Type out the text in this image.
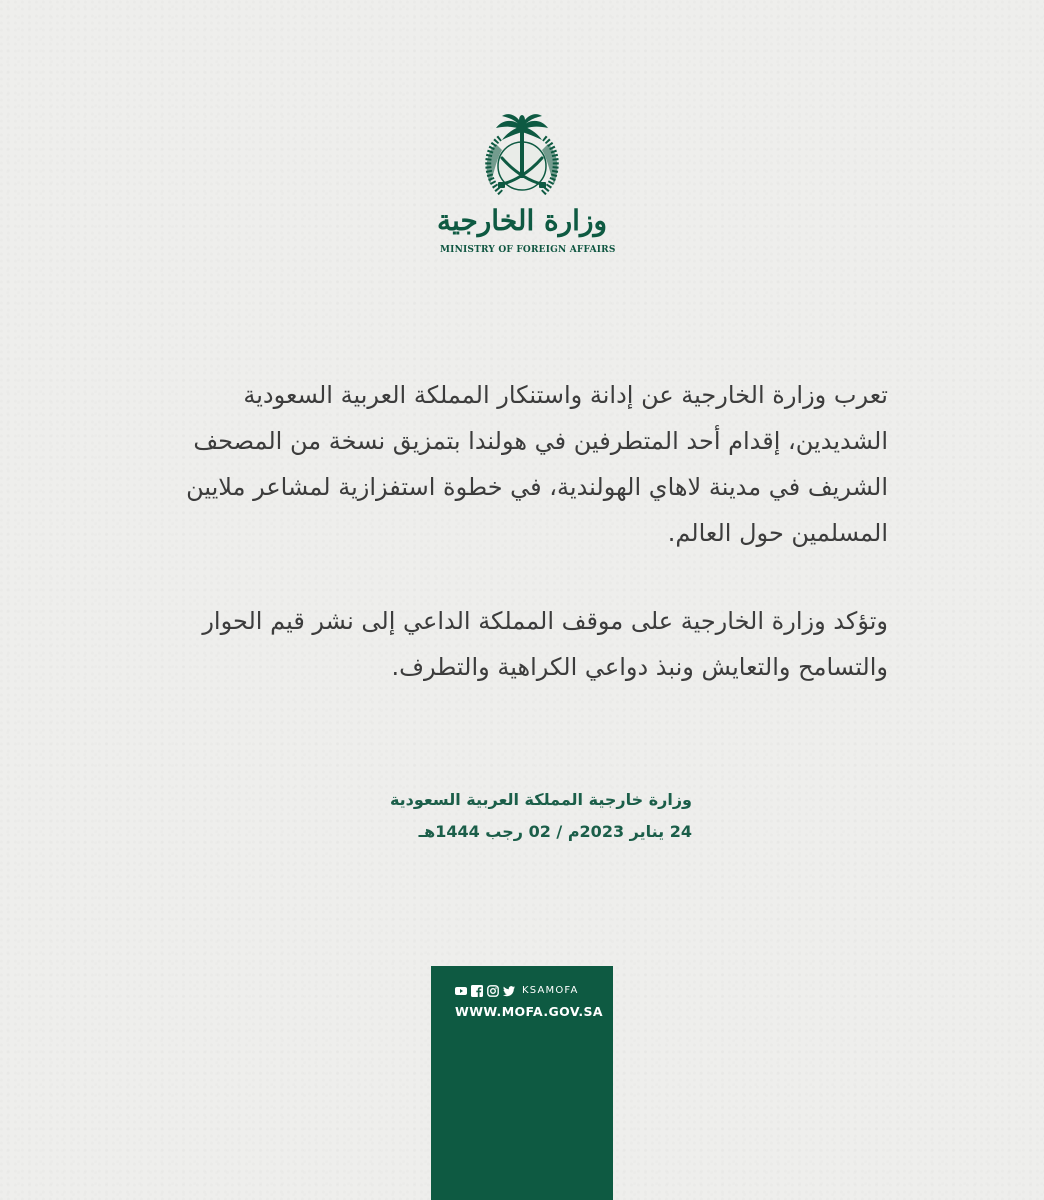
وزارة الخارجية
MINISTRY OF FOREIGN AFFAIRS

تعرب وزارة الخارجية عن إدانة واستنكار المملكة العربية السعودية الشديدين، إقدام أحد المتطرفين في هولندا بتمزيق نسخة من المصحف الشريف في مدينة لاهاي الهولندية، في خطوة استفزازية لمشاعر ملايين المسلمين حول العالم.

وتؤكد وزارة الخارجية على موقف المملكة الداعي إلى نشر قيم الحوار والتسامح والتعايش ونبذ دواعي الكراهية والتطرف.

وزارة خارجية المملكة العربية السعودية
24 يناير 2023م / 02 رجب 1444هـ
KSAMOFA
WWW.MOFA.GOV.SA
